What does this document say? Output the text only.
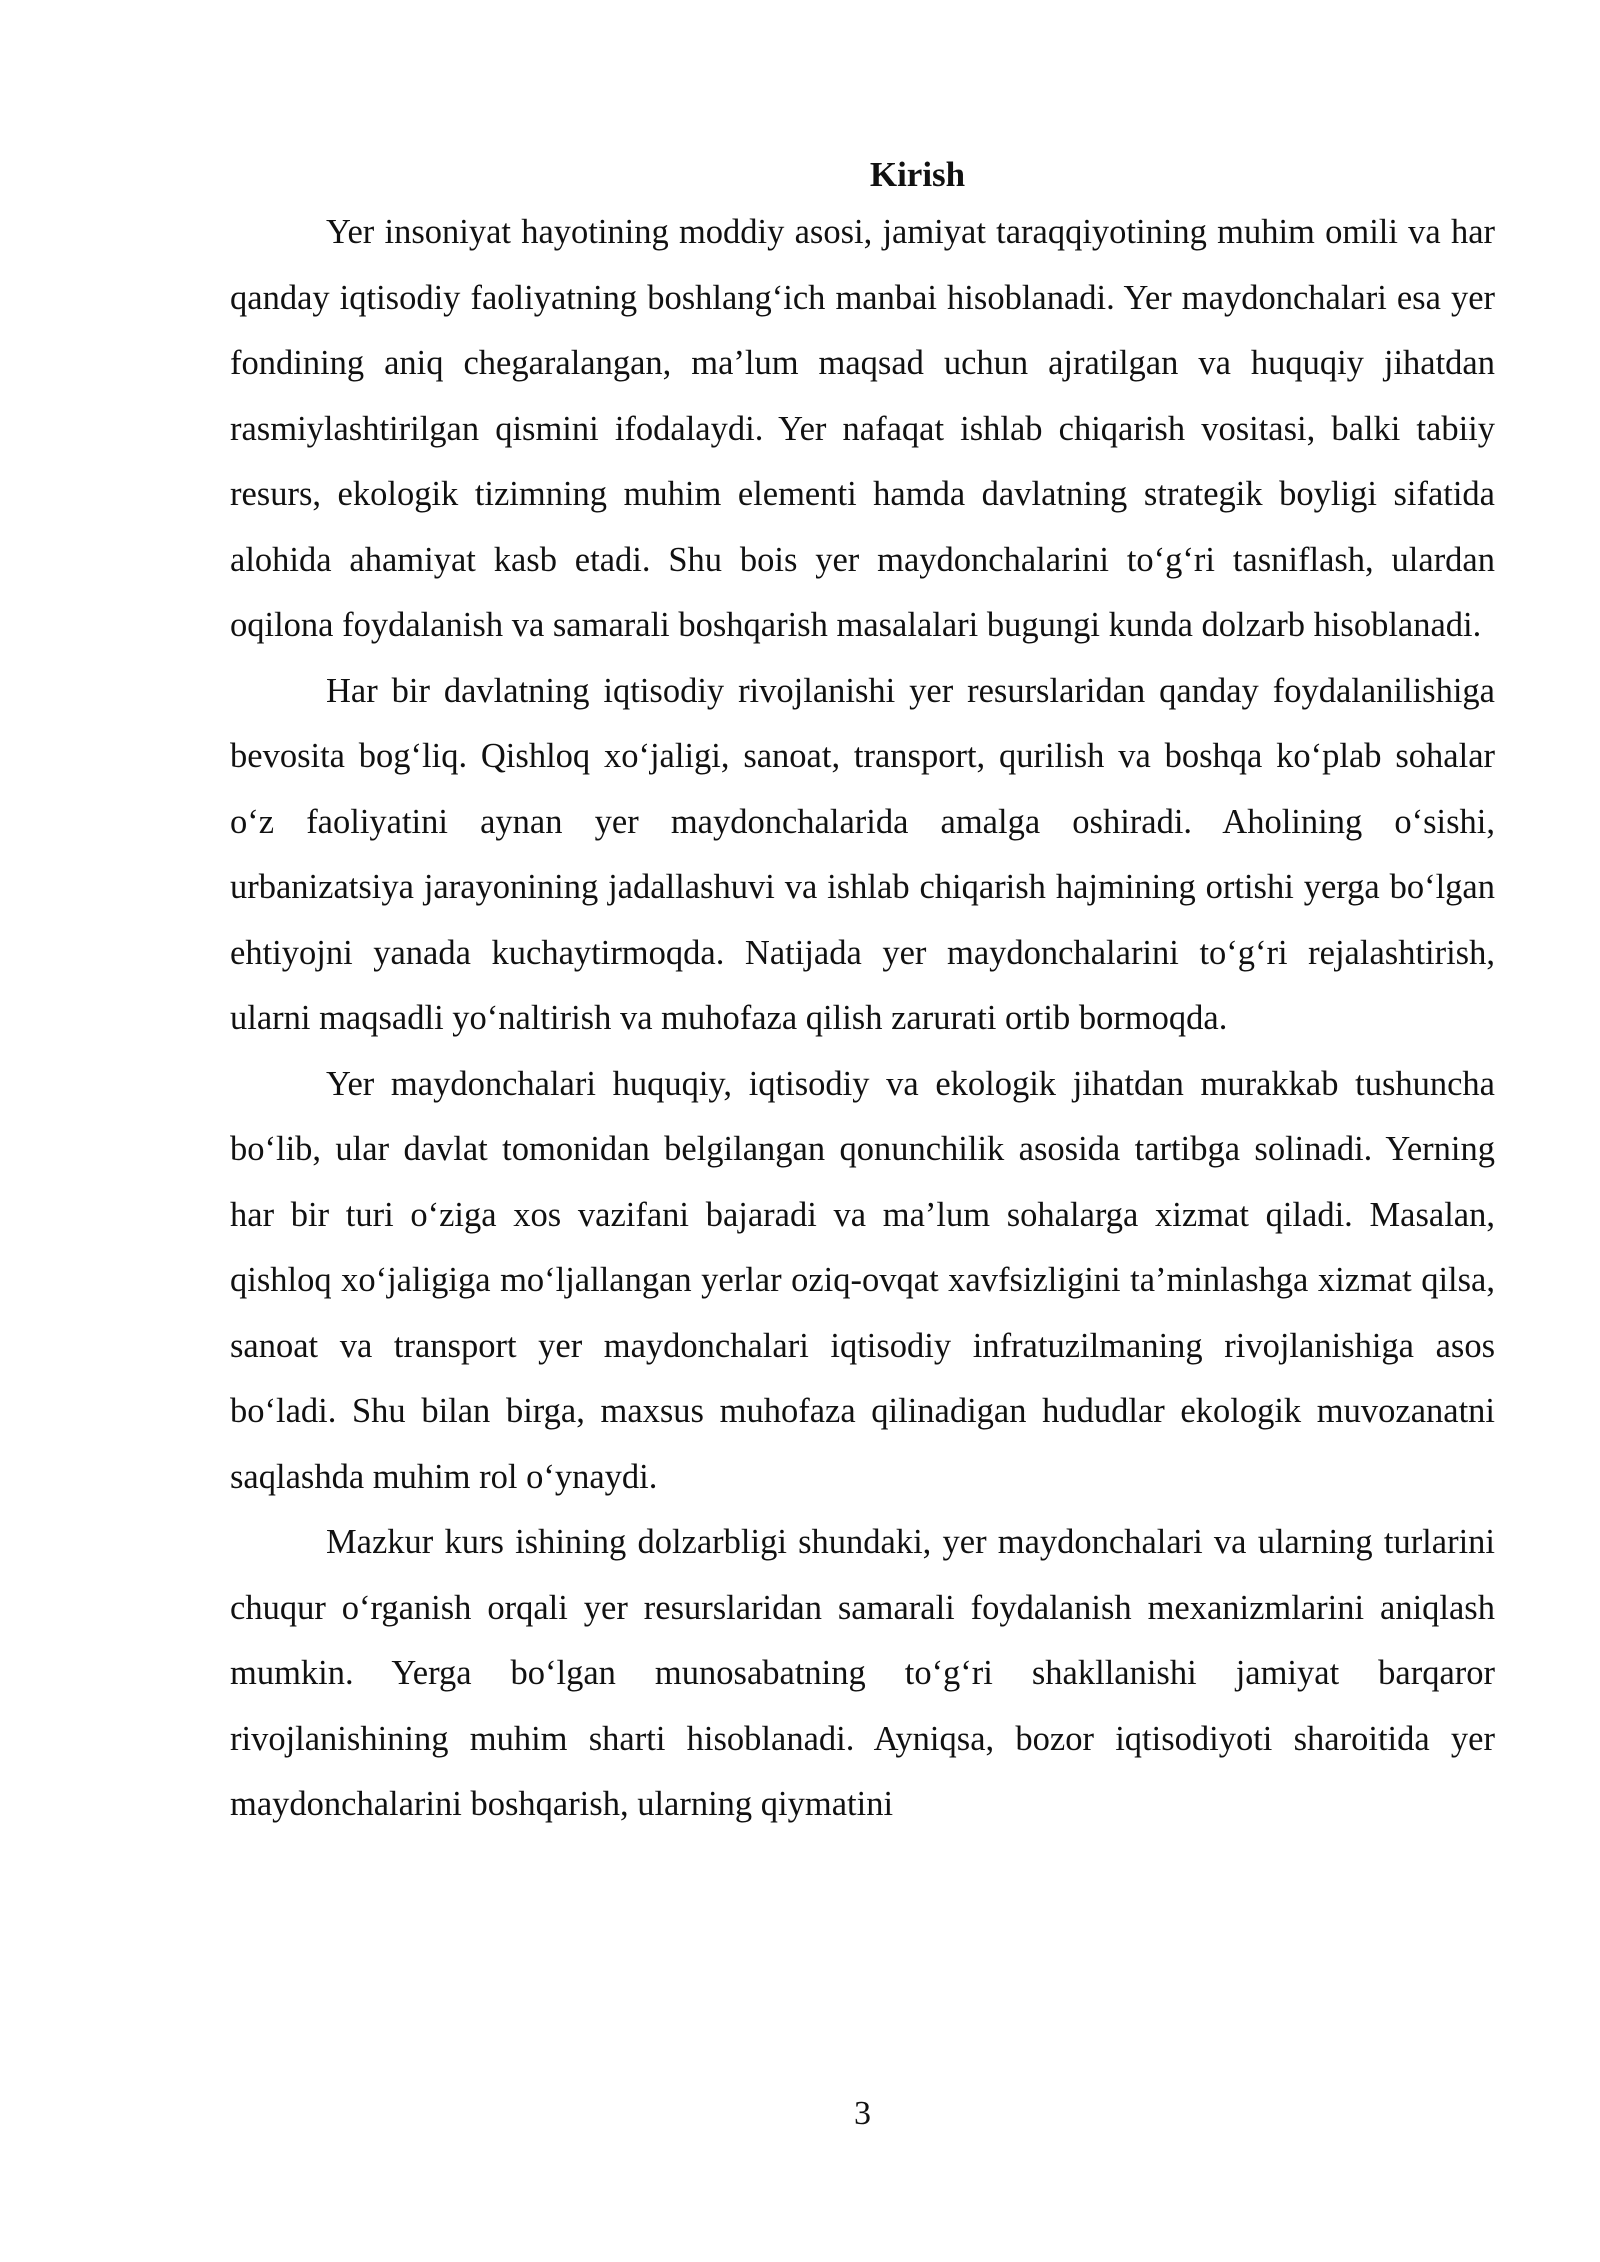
Kirish

Yer insoniyat hayotining moddiy asosi, jamiyat taraqqiyotining muhim omili va har qanday iqtisodiy faoliyatning boshlang‘ich manbai hisoblanadi. Yer maydonchalari esa yer fondining aniq chegaralangan, ma’lum maqsad uchun ajratilgan va huquqiy jihatdan rasmiylashtirilgan qismini ifodalaydi. Yer nafaqat ishlab chiqarish vositasi, balki tabiiy resurs, ekologik tizimning muhim elementi hamda davlatning strategik boyligi sifatida alohida ahamiyat kasb etadi. Shu bois yer maydonchalarini to‘g‘ri tasniflash, ulardan oqilona foydalanish va samarali boshqarish masalalari bugungi kunda dolzarb hisoblanadi.

Har bir davlatning iqtisodiy rivojlanishi yer resurslaridan qanday foydalanilishiga bevosita bog‘liq. Qishloq xo‘jaligi, sanoat, transport, qurilish va boshqa ko‘plab sohalar o‘z faoliyatini aynan yer maydonchalarida amalga oshiradi. Aholining o‘sishi, urbanizatsiya jarayonining jadallashuvi va ishlab chiqarish hajmining ortishi yerga bo‘lgan ehtiyojni yanada kuchaytirmoqda. Natijada yer maydonchalarini to‘g‘ri rejalashtirish, ularni maqsadli yo‘naltirish va muhofaza qilish zarurati ortib bormoqda.

Yer maydonchalari huquqiy, iqtisodiy va ekologik jihatdan murakkab tushuncha bo‘lib, ular davlat tomonidan belgilangan qonunchilik asosida tartibga solinadi. Yerning har bir turi o‘ziga xos vazifani bajaradi va ma’lum sohalarga xizmat qiladi. Masalan, qishloq xo‘jaligiga mo‘ljallangan yerlar oziq-ovqat xavfsizligini ta’minlashga xizmat qilsa, sanoat va transport yer maydonchalari iqtisodiy infratuzilmaning rivojlanishiga asos bo‘ladi. Shu bilan birga, maxsus muhofaza qilinadigan hududlar ekologik muvozanatni saqlashda muhim rol o‘ynaydi.

Mazkur kurs ishining dolzarbligi shundaki, yer maydonchalari va ularning turlarini chuqur o‘rganish orqali yer resurslaridan samarali foydalanish mexanizmlarini aniqlash mumkin. Yerga bo‘lgan munosabatning to‘g‘ri shakllanishi jamiyat barqaror rivojlanishining muhim sharti hisoblanadi. Ayniqsa, bozor iqtisodiyoti sharoitida yer maydonchalarini boshqarish, ularning qiymatini

3
